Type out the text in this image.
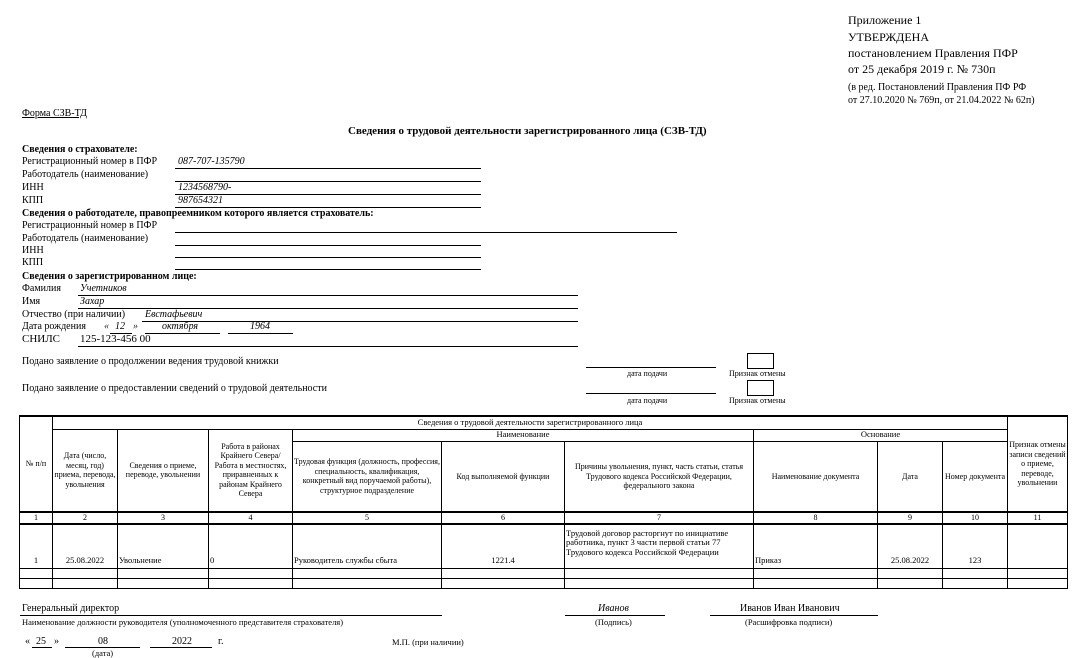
Приложение 1
УТВЕРЖДЕНА
постановлением Правления ПФР
от 25 декабря 2019 г. № 730п
(в ред. Постановлений Правления ПФ РФ
от 27.10.2020 № 769п, от 21.04.2022 № 62п)
Форма СЗВ-ТД
Сведения о трудовой деятельности зарегистрированного лица (СЗВ-ТД)
Сведения о страхователе:
Регистрационный номер в ПФР 087-707-135790
Работодатель (наименование)
ИНН	1234568790-
КПП	987654321
Сведения о работодателе, правопреемником которого является страхователь:
Регистрационный номер в ПФР
Работодатель (наименование)
ИНН
КПП
Сведения о зарегистрированном лице:
Фамилия Учетников
Имя	Захар
Отчество (при наличии) Евстафьевич
Дата рождения « 12 » октября	1964
СНИЛС 125-123-456 00
Подано заявление о продолжении ведения трудовой книжки
дата подачи	Признак отмены
Подано заявление о предоставлении сведений о трудовой деятельности
дата подачи	Признак отмены
№ п/п	Сведения о трудовой деятельности зарегистрированного лица									Признак отмены записи сведений о приеме, переводе, увольнении
	Дата (число, месяц, год) приема, перевода, увольнения	Сведения о приеме, переводе, увольнении	Работа в районах Крайнего Севера/Работа в местностях, приравненных к районам Крайнего Севера	Наименование			Основание			
				Трудовая функция (должность, профессия, специальность, квалификация, конкретный вид поручаемой работы), структурное подразделение	Код выполняемой функции	Причины увольнения, пункт, часть статьи, статья Трудового кодекса Российской Федерации, федерального закона	Наименование документа	Дата	Номер документа	
1	2	3	4	5	6	7	8	9	10	11
1	25.08.2022	Увольнение	0	Руководитель службы сбыта	1221.4	Трудовой договор расторгнут по инициативе работника, пункт 3 части первой статьи 77 Трудового кодекса Российской Федерации	Приказ	25.08.2022	123	

Генеральный директор
Наименование должности руководителя (уполномоченного представителя страхователя)
Иванов
(Подпись)
Иванов Иван Иванович
(Расшифровка подписи)
« 25 »	08
(дата)
2022	г.	М.П. (при наличии)
